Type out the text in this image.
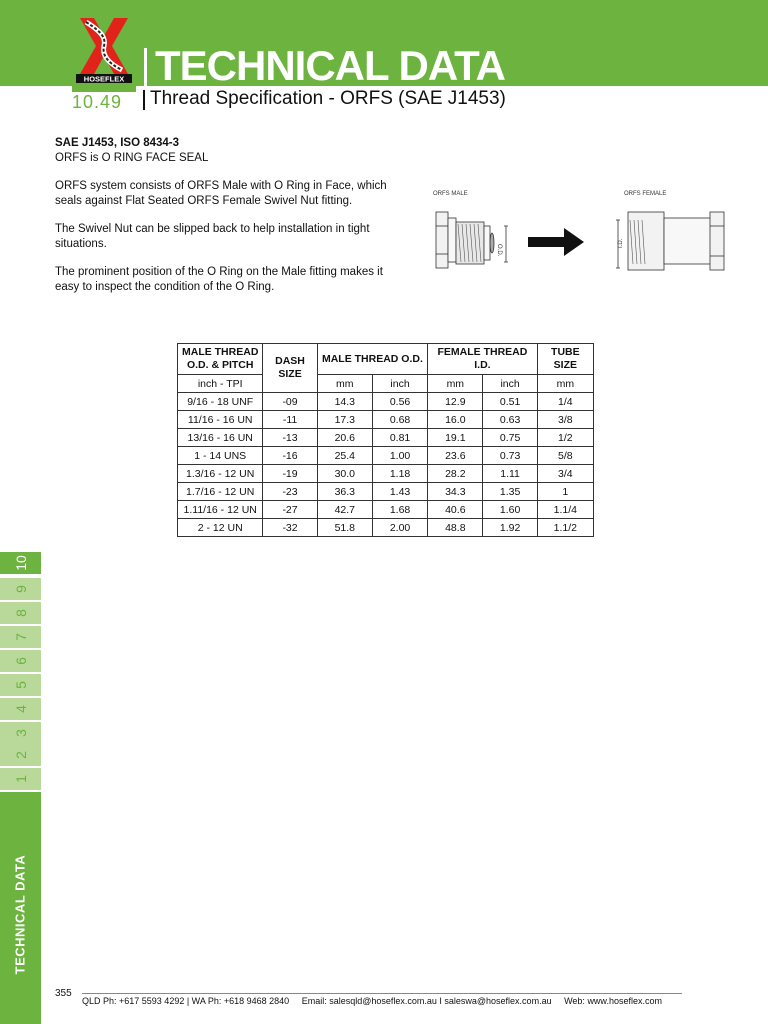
HOSEFLEX TECHNICAL DATA
10.49 Thread Specification - ORFS (SAE J1453)
SAE J1453, ISO 8434-3

ORFS is O RING FACE SEAL

ORFS system consists of ORFS Male with O Ring in Face, which seals against Flat Seated ORFS Female Swivel Nut fitting.

The Swivel Nut can be slipped back to help installation in tight situations.

The prominent position of the O Ring on the Male fitting makes it easy to inspect the condition of the O Ring.

ORFS MALE	ORFS FEMALE
O.D.
I.D.
MALE THREAD O.D. & PITCH	DASH SIZE	MALE THREAD O.D.		FEMALE THREAD I.D.		TUBE SIZE
inch - TPI		mm	inch	mm	inch	mm
9/16 - 18 UNF	-09	14.3	0.56	12.9	0.51	1/4
11/16 - 16 UN	-11	17.3	0.68	16.0	0.63	3/8
13/16 - 16 UN	-13	20.6	0.81	19.1	0.75	1/2
1 - 14 UNS	-16	25.4	1.00	23.6	0.73	5/8
1.3/16 - 12 UN	-19	30.0	1.18	28.2	1.11	3/4
1.7/16 - 12 UN	-23	36.3	1.43	34.3	1.35	1
1.11/16 - 12 UN	-27	42.7	1.68	40.6	1.60	1.1/4
2 - 12 UN	-32	51.8	2.00	48.8	1.92	1.1/2
10
9
8
7
6
5
4
3
2
1
TECHNICAL DATA
355
QLD Ph: +617 5593 4292 | WA Ph: +618 9468 2840 Email: salesqld@hoseflex.com.au I saleswa@hoseflex.com.au Web: www.hoseflex.com
